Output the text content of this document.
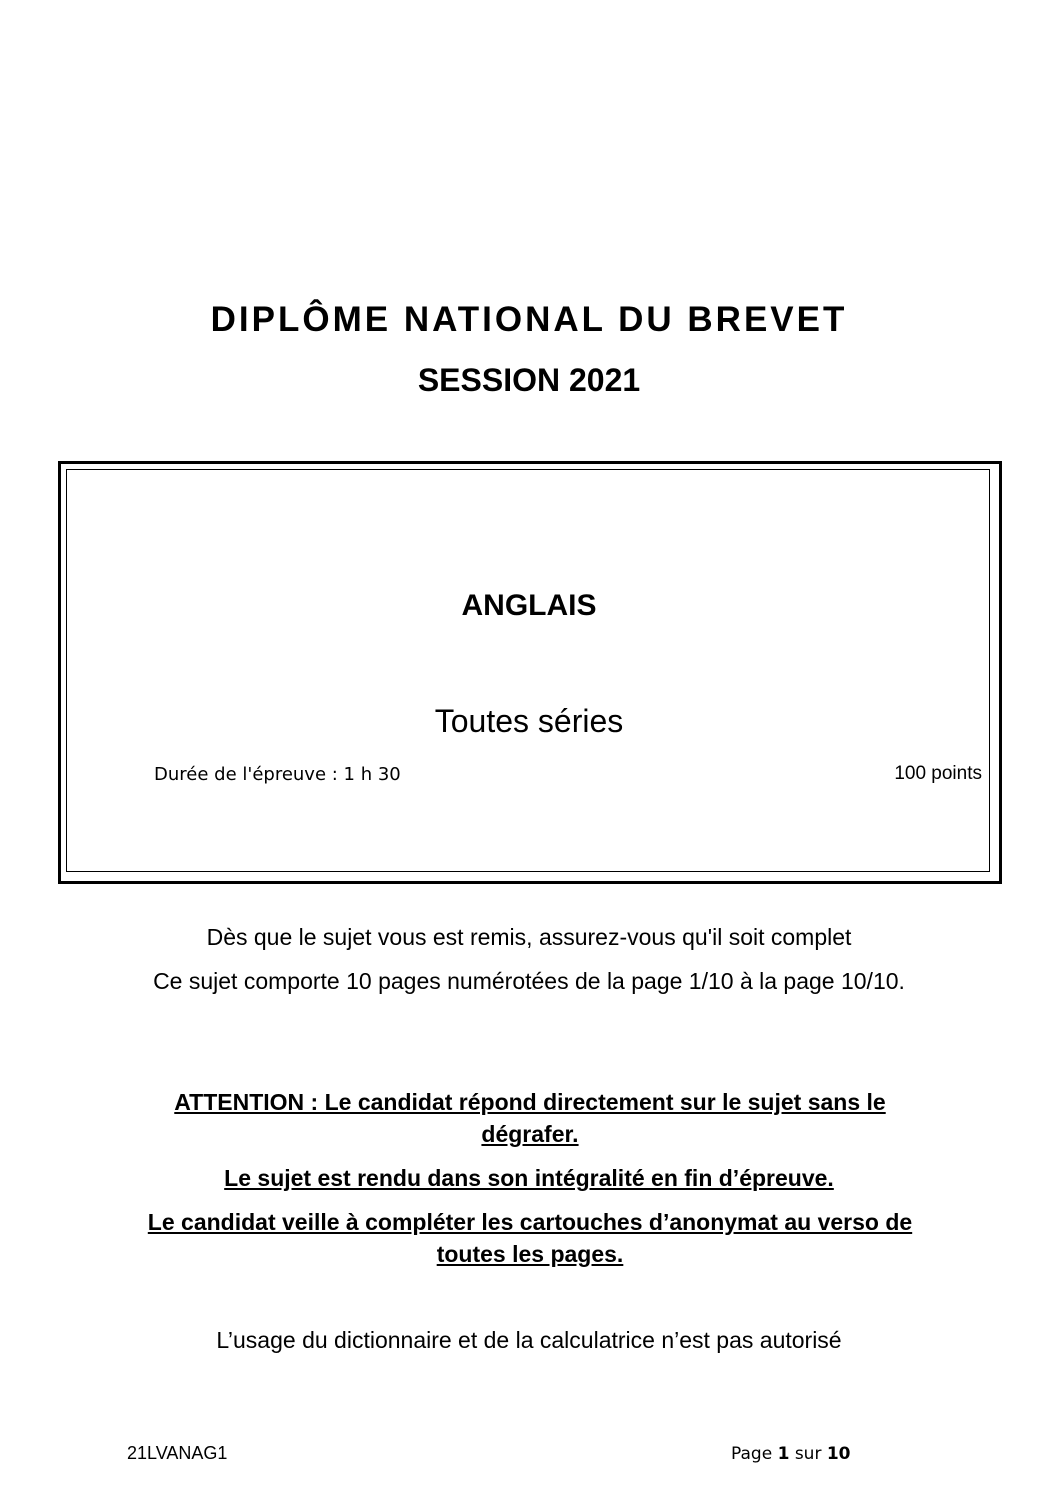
DIPLÔME NATIONAL DU BREVET
SESSION 2021
ANGLAIS
Toutes séries
Durée de l'épreuve : 1 h 30	100 points
Dès que le sujet vous est remis, assurez-vous qu'il soit complet
Ce sujet comporte 10 pages numérotées de la page 1/10 à la page 10/10.
ATTENTION : Le candidat répond directement sur le sujet sans le dégrafer.
Le sujet est rendu dans son intégralité en fin d’épreuve.
Le candidat veille à compléter les cartouches d’anonymat au verso de toutes les pages.
L’usage du dictionnaire et de la calculatrice n’est pas autorisé
21LVANAG1	Page 1 sur 10
